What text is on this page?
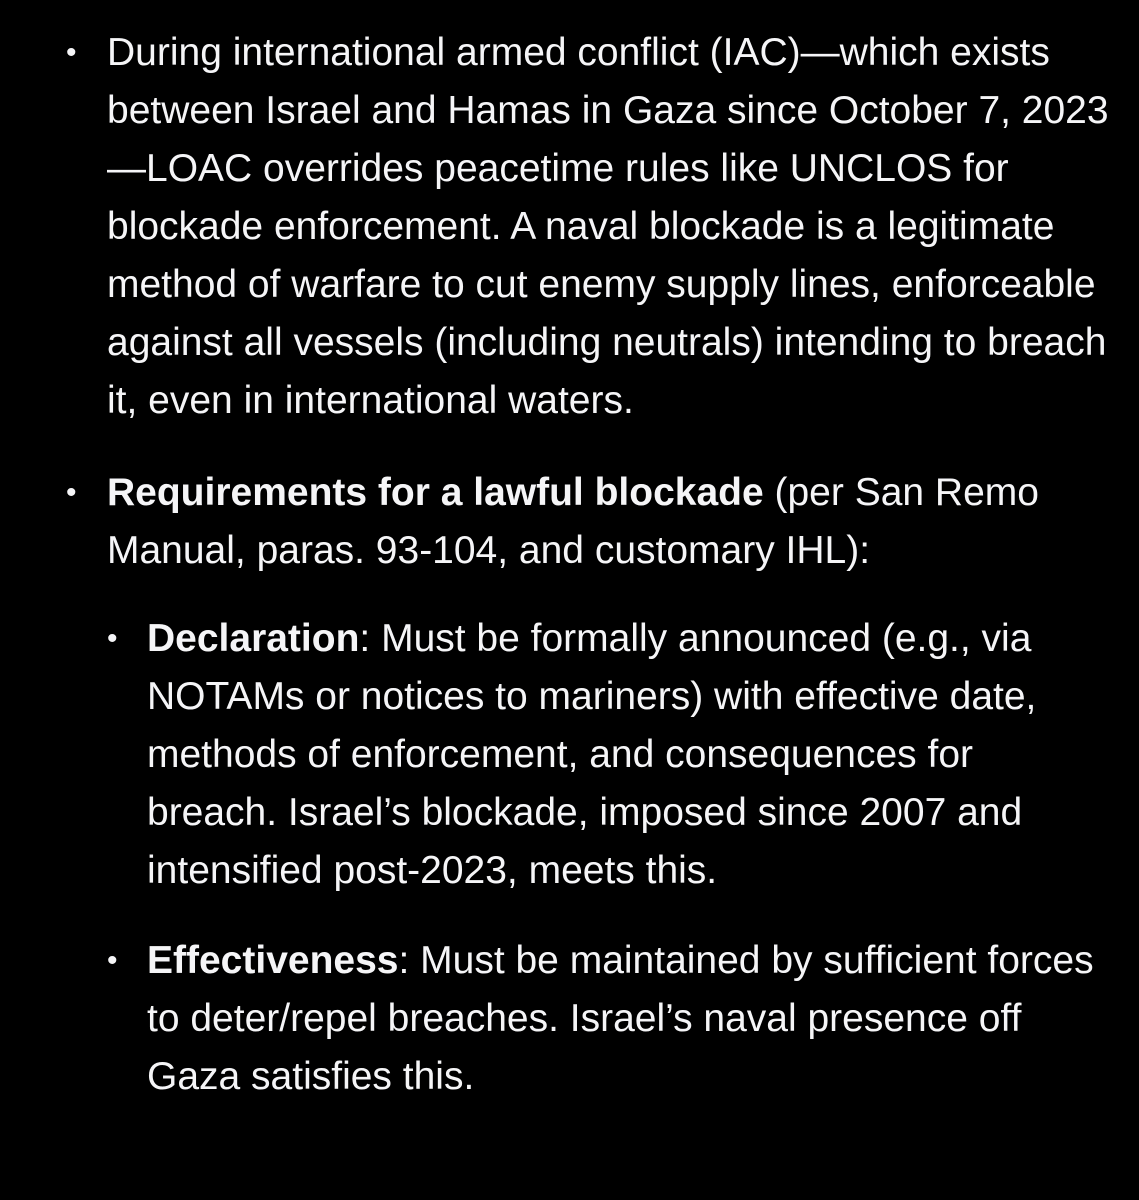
• During international armed conflict (IAC)—which exists between Israel and Hamas in Gaza since October 7, 2023—LOAC overrides peacetime rules like UNCLOS for blockade enforcement. A naval blockade is a legitimate method of warfare to cut enemy supply lines, enforceable against all vessels (including neutrals) intending to breach it, even in international waters.
• Requirements for a lawful blockade (per San Remo Manual, paras. 93-104, and customary IHL):
• Declaration: Must be formally announced (e.g., via NOTAMs or notices to mariners) with effective date, methods of enforcement, and consequences for breach. Israel’s blockade, imposed since 2007 and intensified post-2023, meets this.
• Effectiveness: Must be maintained by sufficient forces to deter/repel breaches. Israel’s naval presence off Gaza satisfies this.
